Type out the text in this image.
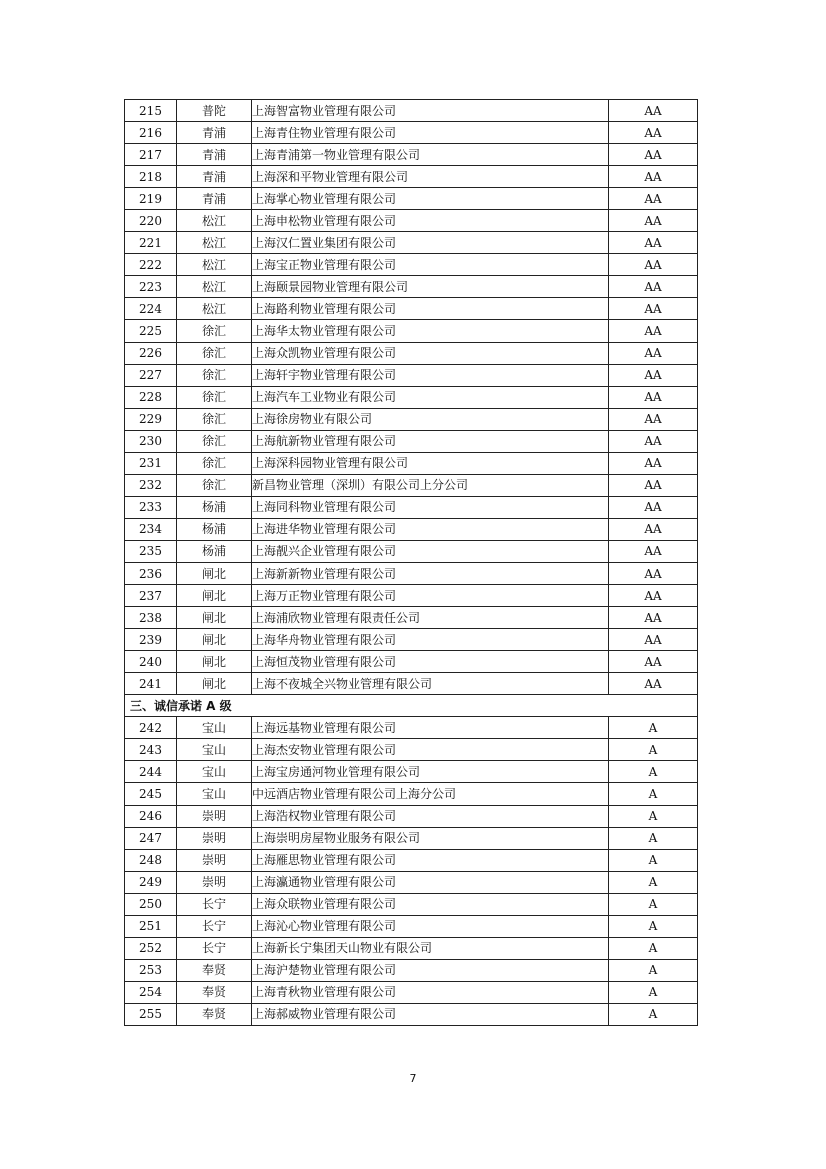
215	普陀	上海智富物业管理有限公司	AA
216	青浦	上海青住物业管理有限公司	AA
217	青浦	上海青浦第一物业管理有限公司	AA
218	青浦	上海深和平物业管理有限公司	AA
219	青浦	上海掌心物业管理有限公司	AA
220	松江	上海申松物业管理有限公司	AA
221	松江	上海汉仁置业集团有限公司	AA
222	松江	上海宝正物业管理有限公司	AA
223	松江	上海颐景园物业管理有限公司	AA
224	松江	上海路利物业管理有限公司	AA
225	徐汇	上海华太物业管理有限公司	AA
226	徐汇	上海众凯物业管理有限公司	AA
227	徐汇	上海轩宇物业管理有限公司	AA
228	徐汇	上海汽车工业物业有限公司	AA
229	徐汇	上海徐房物业有限公司	AA
230	徐汇	上海航新物业管理有限公司	AA
231	徐汇	上海深科园物业管理有限公司	AA
232	徐汇	新昌物业管理（深圳）有限公司上分公司	AA
233	杨浦	上海同科物业管理有限公司	AA
234	杨浦	上海进华物业管理有限公司	AA
235	杨浦	上海靓兴企业管理有限公司	AA
236	闸北	上海新新物业管理有限公司	AA
237	闸北	上海万正物业管理有限公司	AA
238	闸北	上海浦欣物业管理有限责任公司	AA
239	闸北	上海华舟物业管理有限公司	AA
240	闸北	上海恒茂物业管理有限公司	AA
241	闸北	上海不夜城全兴物业管理有限公司	AA
三、诚信承诺 A 级			
242	宝山	上海远基物业管理有限公司	A
243	宝山	上海杰安物业管理有限公司	A
244	宝山	上海宝房通河物业管理有限公司	A
245	宝山	中远酒店物业管理有限公司上海分公司	A
246	崇明	上海浩权物业管理有限公司	A
247	崇明	上海崇明房屋物业服务有限公司	A
248	崇明	上海雁思物业管理有限公司	A
249	崇明	上海瀛通物业管理有限公司	A
250	长宁	上海众联物业管理有限公司	A
251	长宁	上海沁心物业管理有限公司	A
252	长宁	上海新长宁集团天山物业有限公司	A
253	奉贤	上海沪楚物业管理有限公司	A
254	奉贤	上海青秋物业管理有限公司	A
255	奉贤	上海郝威物业管理有限公司	A
7
